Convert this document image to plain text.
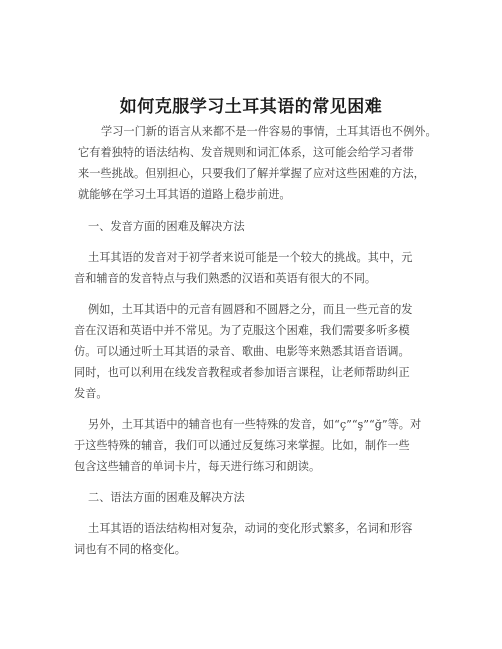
如何克服学习土耳其语的常见困难
学习一门新的语言从来都不是一件容易的事情，土耳其语也不例外。
它有着独特的语法结构、发音规则和词汇体系，这可能会给学习者带
来一些挑战。但别担心，只要我们了解并掌握了应对这些困难的方法，
就能够在学习土耳其语的道路上稳步前进。
一、发音方面的困难及解决方法
土耳其语的发音对于初学者来说可能是一个较大的挑战。其中，元
音和辅音的发音特点与我们熟悉的汉语和英语有很大的不同。
例如，土耳其语中的元音有圆唇和不圆唇之分，而且一些元音的发
音在汉语和英语中并不常见。为了克服这个困难，我们需要多听多模
仿。可以通过听土耳其语的录音、歌曲、电影等来熟悉其语音语调。
同时，也可以利用在线发音教程或者参加语言课程，让老师帮助纠正
发音。
另外，土耳其语中的辅音也有一些特殊的发音，如“ç”“ş”“ğ”等。对
于这些特殊的辅音，我们可以通过反复练习来掌握。比如，制作一些
包含这些辅音的单词卡片，每天进行练习和朗读。
二、语法方面的困难及解决方法
土耳其语的语法结构相对复杂，动词的变化形式繁多，名词和形容
词也有不同的格变化。
